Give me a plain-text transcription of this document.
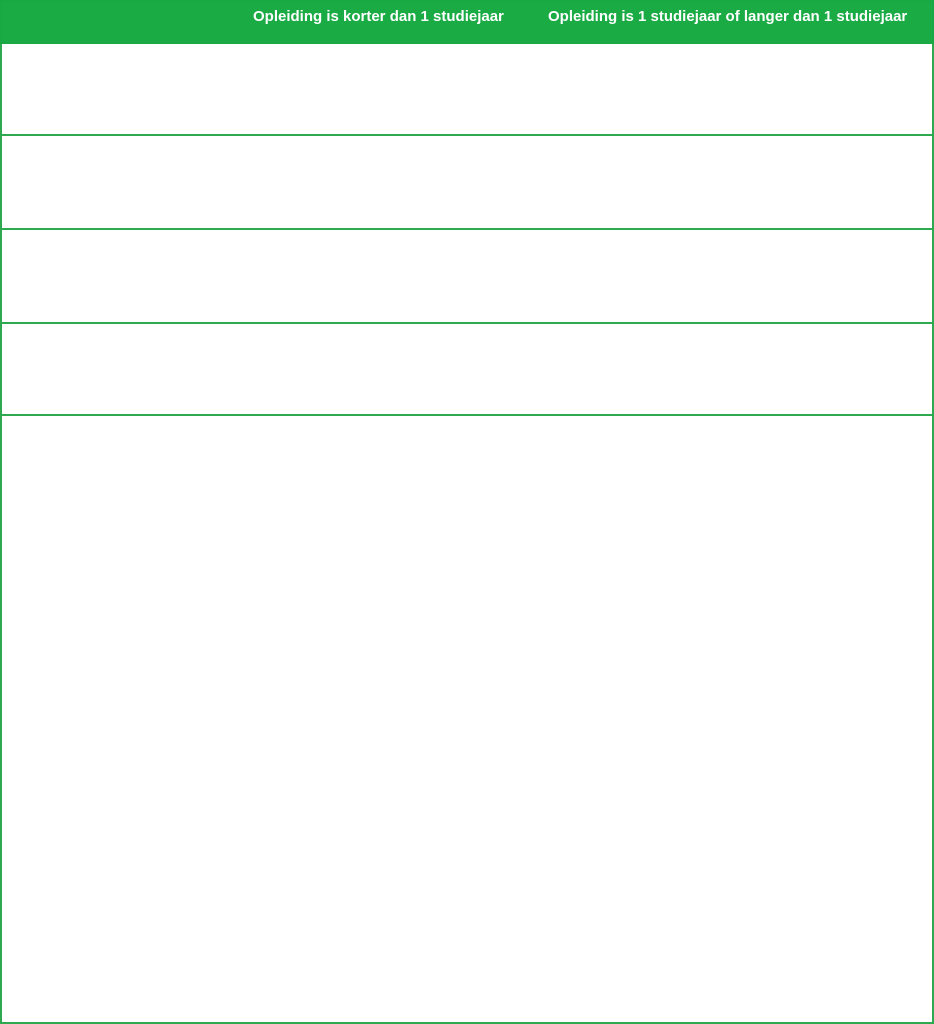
Opleiding is korter dan 1 studiejaar	Opleiding is 1 studiejaar of langer dan 1 studiejaar
